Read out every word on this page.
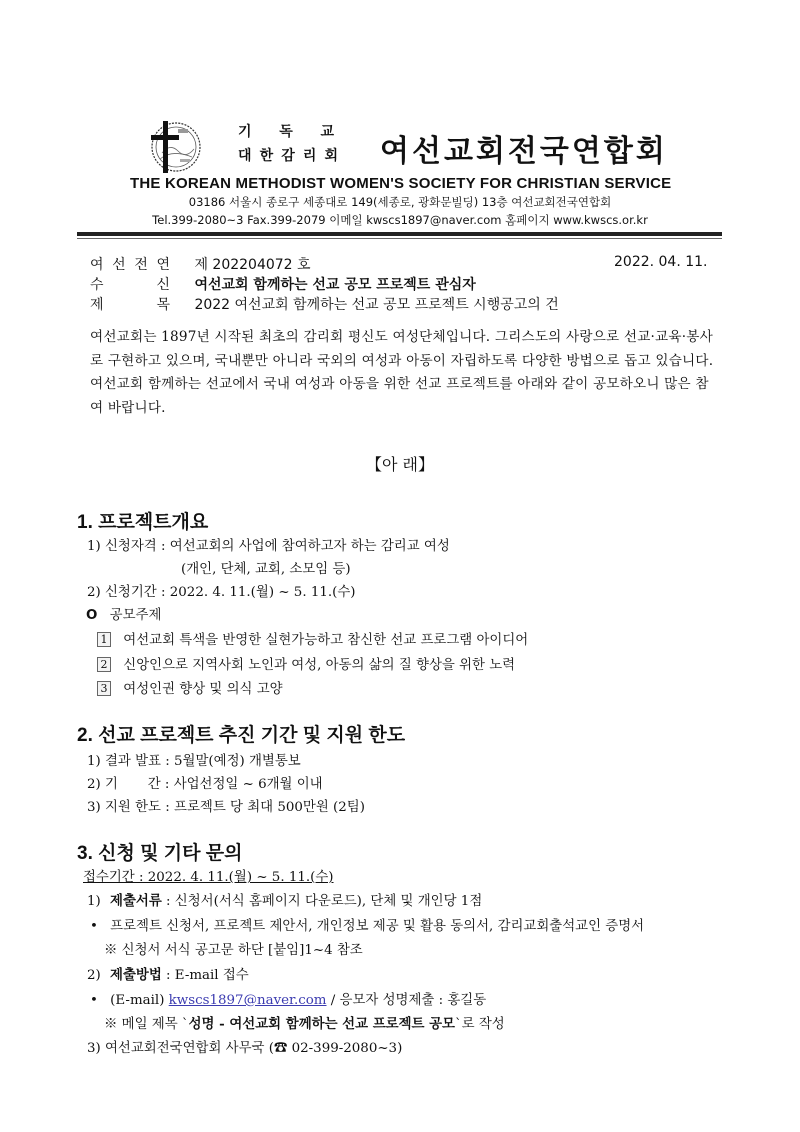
기 독 교
대 한 감 리 회 여선교회전국연합회
THE KOREAN METHODIST WOMEN'S SOCIETY FOR CHRISTIAN SERVICE
03186 서울시 종로구 세종대로 149(세종로, 광화문빌딩) 13층 여선교회전국연합회
Tel.399-2080~3 Fax.399-2079 이메일 kwscs1897@naver.com 홈페이지 www.kwscs.or.kr
여 선 전 연 제 202204072 호	2022. 04. 11.
수	신 여선교회 함께하는 선교 공모 프로젝트 관심자
제	목 2022 여선교회 함께하는 선교 공모 프로젝트 시행공고의 건
여선교회는 1897년 시작된 최초의 감리회 평신도 여성단체입니다. 그리스도의 사랑으로 선교·교육·봉사로 구현하고 있으며, 국내뿐만 아니라 국외의 여성과 아동이 자립하도록 다양한 방법으로 돕고 있습니다. 여선교회 함께하는 선교에서 국내 여성과 아동을 위한 선교 프로젝트를 아래와 같이 공모하오니 많은 참여 바랍니다.
【아 래】
1. 프로젝트개요
1) 신청자격 : 여선교회의 사업에 참여하고자 하는 감리교 여성
(개인, 단체, 교회, 소모임 등)
2) 신청기간 : 2022. 4. 11.(월) ~ 5. 11.(수)
O 공모주제
1 여선교회 특색을 반영한 실현가능하고 참신한 선교 프로그램 아이디어
2 신앙인으로 지역사회 노인과 여성, 아동의 삶의 질 향상을 위한 노력
3 여성인권 향상 및 의식 고양
2. 선교 프로젝트 추진 기간 및 지원 한도
1) 결과 발표 : 5월말(예정) 개별통보
2) 기       간 : 사업선정일 ~ 6개월 이내
3) 지원 한도 : 프로젝트 당 최대 500만원 (2팀)
3. 신청 및 기타 문의
접수기간 : 2022. 4. 11.(월) ~ 5. 11.(수)
1) 제출서류 : 신청서(서식 홈페이지 다운로드), 단체 및 개인당 1점
• 프로젝트 신청서, 프로젝트 제안서, 개인정보 제공 및 활용 동의서, 감리교회출석교인 증명서
※ 신청서 서식 공고문 하단 [붙임]1~4 참조
2) 제출방법 : E-mail 접수
• (E-mail) kwscs1897@naver.com / 응모자 성명제출 : 홍길동
※ 메일 제목 `성명 - 여선교회 함께하는 선교 프로젝트 공모`로 작성
3) 여선교회전국연합회 사무국 (☎ 02-399-2080~3)
